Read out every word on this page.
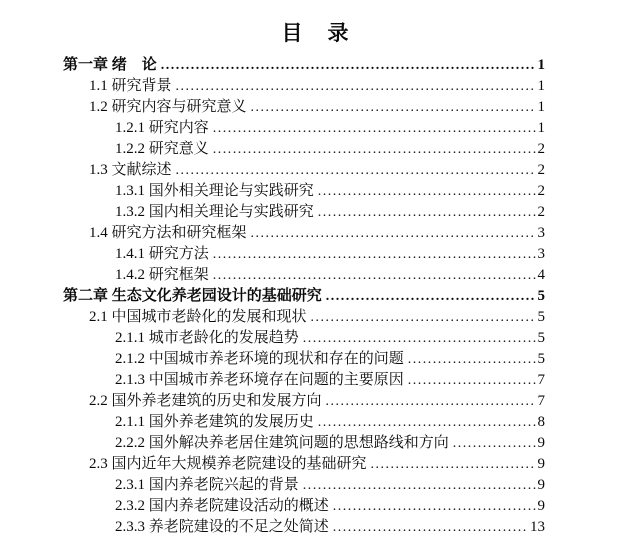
目　录
第一章 绪　论 .....	1
1.1 研究背景 .....	1
1.2 研究内容与研究意义 .....	1
1.2.1 研究内容 .....	1
1.2.2 研究意义 .....	2
1.3 文献综述 .....	2
1.3.1 国外相关理论与实践研究 .....	2
1.3.2 国内相关理论与实践研究 .....	2
1.4 研究方法和研究框架 .....	3
1.4.1 研究方法 .....	3
1.4.2 研究框架 .....	4
第二章 生态文化养老园设计的基础研究 .....	5
2.1 中国城市老龄化的发展和现状 .....	5
2.1.1 城市老龄化的发展趋势 .....	5
2.1.2 中国城市养老环境的现状和存在的问题 .....	5
2.1.3 中国城市养老环境存在问题的主要原因 .....	7
2.2 国外养老建筑的历史和发展方向 .....	7
2.1.1 国外养老建筑的发展历史 .....	8
2.2.2 国外解决养老居住建筑问题的思想路线和方向 .....	9
2.3 国内近年大规模养老院建设的基础研究 .....	9
2.3.1 国内养老院兴起的背景 .....	9
2.3.2 国内养老院建设活动的概述 .....	9
2.3.3 养老院建设的不足之处简述 .....	13
